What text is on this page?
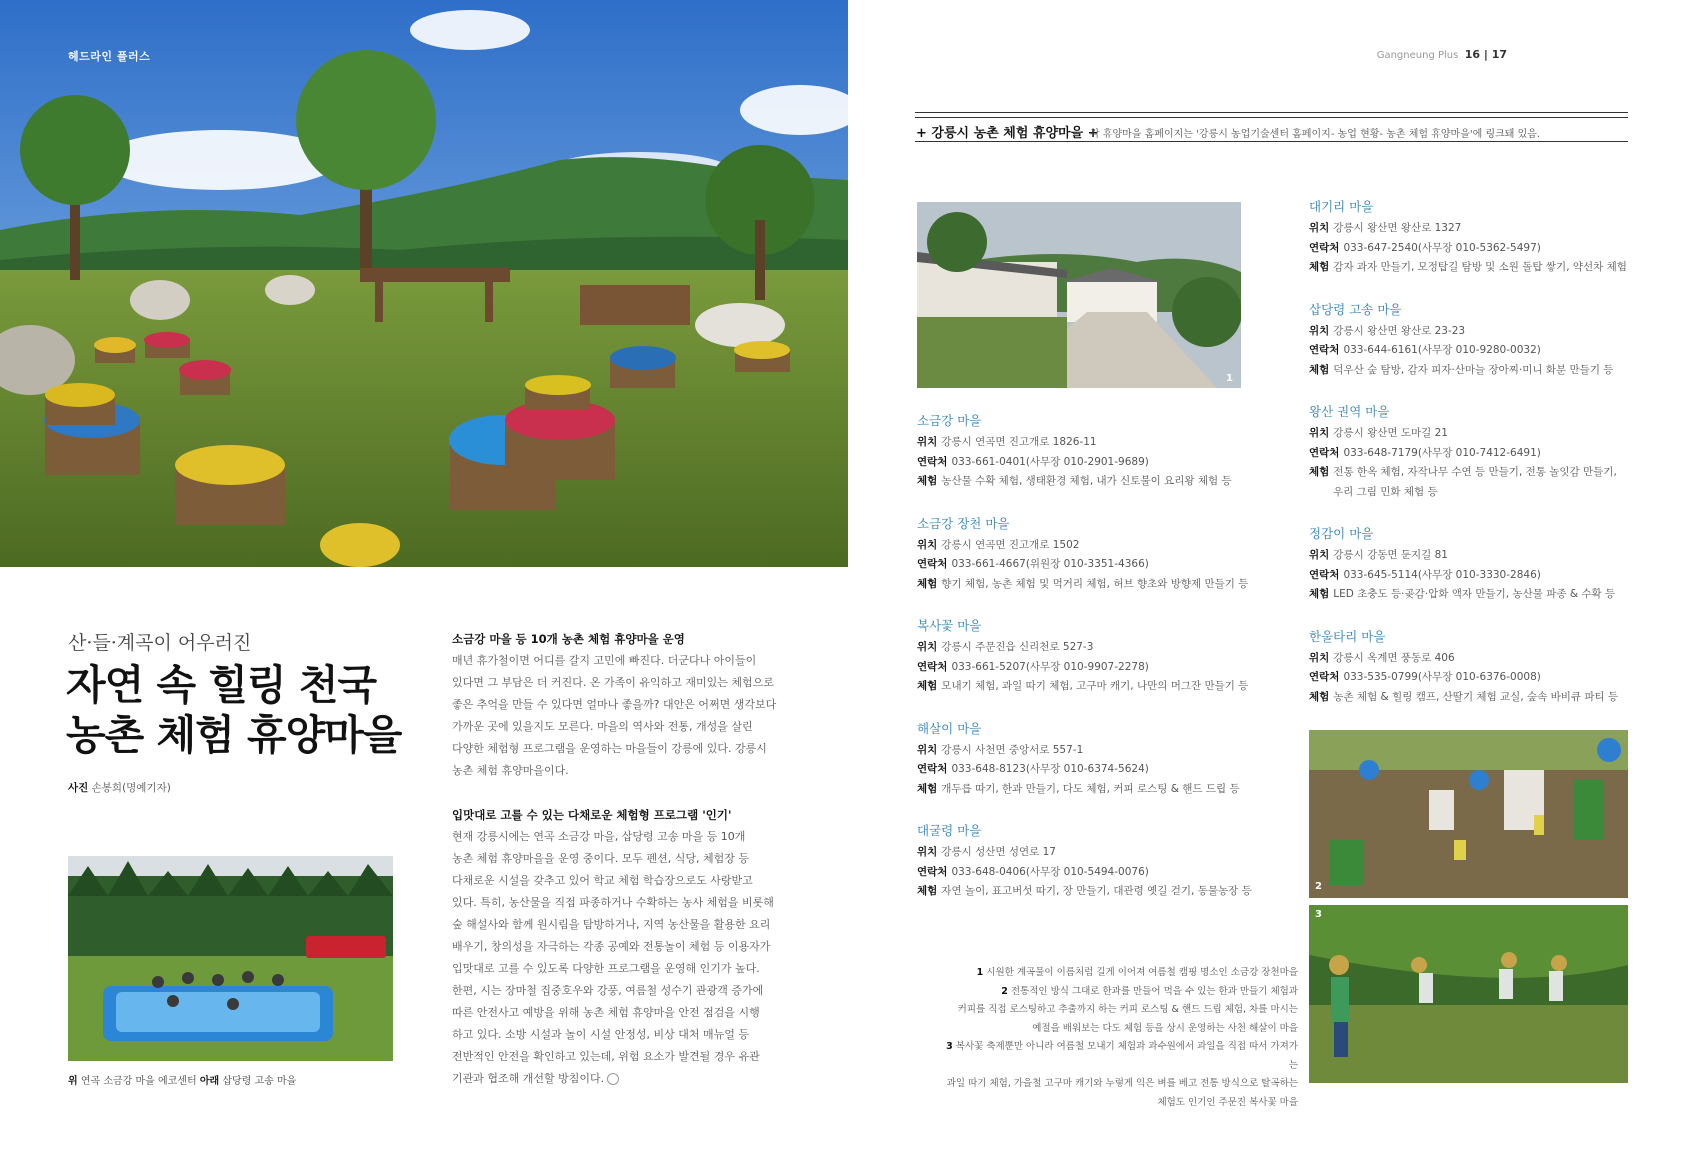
헤드라인 플러스	Gangneung Plus 16 | 17
산·들·계곡이 어우러진
자연 속 힐링 천국
농촌 체험 휴양마을
사진 손봉희(명예기자)
위 연곡 소금강 마을 에코센터 아래 삽당령 고송 마을
소금강 마을 등 10개 농촌 체험 휴양마을 운영

매년 휴가철이면 어디를 갈지 고민에 빠진다. 더군다나 아이들이
있다면 그 부담은 더 커진다. 온 가족이 유익하고 재미있는 체험으로
좋은 추억을 만들 수 있다면 얼마나 좋을까? 대안은 어쩌면 생각보다
가까운 곳에 있을지도 모른다. 마을의 역사와 전통, 개성을 살린
다양한 체험형 프로그램을 운영하는 마을들이 강릉에 있다. 강릉시
농촌 체험 휴양마을이다.

입맛대로 고를 수 있는 다채로운 체험형 프로그램 '인기'

현재 강릉시에는 연곡 소금강 마을, 삽당령 고송 마을 등 10개
농촌 체험 휴양마을을 운영 중이다. 모두 펜션, 식당, 체험장 등
다채로운 시설을 갖추고 있어 학교 체험 학습장으로도 사랑받고
있다. 특히, 농산물을 직접 파종하거나 수확하는 농사 체험을 비롯해
숲 해설사와 함께 원시림을 탐방하거나, 지역 농산물을 활용한 요리
배우기, 창의성을 자극하는 각종 공예와 전통놀이 체험 등 이용자가
입맛대로 고를 수 있도록 다양한 프로그램을 운영해 인기가 높다.
한편, 시는 장마철 집중호우와 강풍, 여름철 성수기 관광객 증가에
따른 안전사고 예방을 위해 농촌 체험 휴양마을 안전 점검을 시행
하고 있다. 소방 시설과 놀이 시설 안정성, 비상 대처 매뉴얼 등
전반적인 안전을 확인하고 있는데, 위험 요소가 발견될 경우 유관
기관과 협조해 개선할 방침이다.

+ 강릉시 농촌 체험 휴양마을 +
각 휴양마을 홈페이지는 '강릉시 농업기술센터 홈페이지- 농업 현황- 농촌 체험 휴양마을'에 링크돼 있음.
1
소금강 마을
위치 강릉시 연곡면 진고개로 1826-11
연락처 033-661-0401(사무장 010-2901-9689)
체험 농산물 수확 체험, 생태환경 체험, 내가 신토불이 요리왕 체험 등
소금강 장천 마을
위치 강릉시 연곡면 진고개로 1502
연락처 033-661-4667(위원장 010-3351-4366)
체험 향기 체험, 농촌 체험 및 먹거리 체험, 허브 향초와 방향제 만들기 등
복사꽃 마을
위치 강릉시 주문진읍 신리천로 527-3
연락처 033-661-5207(사무장 010-9907-2278)
체험 모내기 체험, 과일 따기 체험, 고구마 캐기, 나만의 머그잔 만들기 등
해살이 마을
위치 강릉시 사천면 중앙서로 557-1
연락처 033-648-8123(사무장 010-6374-5624)
체험 개두릅 따기, 한과 만들기, 다도 체험, 커피 로스팅 & 핸드 드립 등
대굴령 마을
위치 강릉시 성산면 성연로 17
연락처 033-648-0406(사무장 010-5494-0076)
체험 자연 놀이, 표고버섯 따기, 장 만들기, 대관령 옛길 걷기, 동물농장 등
대기리 마을
위치 강릉시 왕산면 왕산로 1327
연락처 033-647-2540(사무장 010-5362-5497)
체험 감자 과자 만들기, 모정탑길 탐방 및 소원 돌탑 쌓기, 약선차 체험
삽당령 고송 마을
위치 강릉시 왕산면 왕산로 23-23
연락처 033-644-6161(사무장 010-9280-0032)
체험 덕우산 숲 탐방, 감자 피자·산마늘 장아찌·미니 화분 만들기 등
왕산 권역 마을
위치 강릉시 왕산면 도마길 21
연락처 033-648-7179(사무장 010-7412-6491)
체험 전통 한옥 체험, 자작나무 수연 등 만들기, 전통 놀잇감 만들기,
우리 그림 민화 체험 등
정감이 마을
위치 강릉시 강동면 둔지길 81
연락처 033-645-5114(사무장 010-3330-2846)
체험 LED 초충도 등·곶감·압화 액자 만들기, 농산물 파종 & 수확 등
한울타리 마을
위치 강릉시 옥계면 풍동로 406
연락처 033-535-0799(사무장 010-6376-0008)
체험 농촌 체험 & 힐링 캠프, 산딸기 체험 교실, 숲속 바비큐 파티 등
2
3
1 시원한 계곡물이 이름처럼 길게 이어져 여름철 캠핑 명소인 소금강 장천마을
2 전통적인 방식 그대로 한과를 만들어 먹을 수 있는 한과 만들기 체험과
커피를 직접 로스팅하고 추출까지 하는 커피 로스팅 & 핸드 드립 체험, 차를 마시는
예절을 배워보는 다도 체험 등을 상시 운영하는 사천 해살이 마을
3 복사꽃 축제뿐만 아니라 여름철 모내기 체험과 과수원에서 과일을 직접 따서 가져가는
과일 따기 체험, 가을철 고구마 캐기와 누렇게 익은 벼를 베고 전통 방식으로 탈곡하는
체험도 인기인 주문진 복사꽃 마을
